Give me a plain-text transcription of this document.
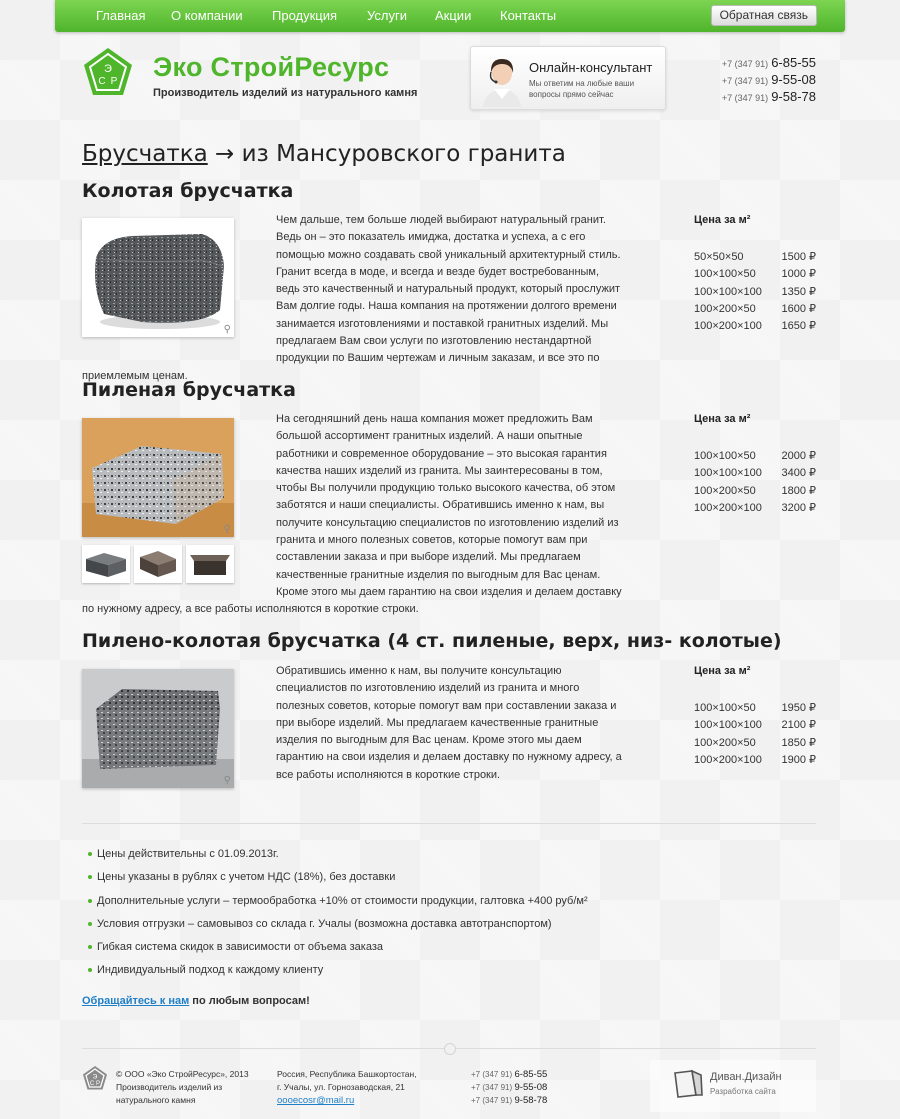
Главная О компании Продукция Услуги Акции Контакты	Обратная связь
Э
С Р Эко СтройРесурс
Производитель изделий из натурального камня
Онлайн-консультант
Мы ответим на любые ваши вопросы прямо сейчас
+7 (347 91) 6-85-55
+7 (347 91) 9-55-08
+7 (347 91) 9-58-78
Брусчатка → из Мансуровского гранита
Колотая брусчатка
⚲
Чем дальше, тем больше людей выбирают натуральный гранит. Ведь он – это показатель имиджа, достатка и успеха, а с его помощью можно создавать свой уникальный архитектурный стиль. Гранит всегда в моде, и всегда и везде будет востребованным, ведь это качественный и натуральный продукт, который прослужит Вам долгие годы. Наша компания на протяжении долгого времени занимается изготовлениями и поставкой гранитных изделий. Мы предлагаем Вам свои услуги по изготовлению нестандартной продукции по Вашим чертежам и личным заказам, и все это по приемлемым ценам.
Цена за м²
50×50×50	1500 ₽
100×100×50 1000 ₽
100×100×100 1350 ₽
100×200×50 1600 ₽
100×200×100 1650 ₽
Пиленая брусчатка
⚲
На сегодняшний день наша компания может предложить Вам большой ассортимент гранитных изделий. А наши опытные работники и современное оборудование – это высокая гарантия качества наших изделий из гранита. Мы заинтересованы в том, чтобы Вы получили продукцию только высокого качества, об этом заботятся и наши специалисты. Обратившись именно к нам, вы получите консультацию специалистов по изготовлению изделий из гранита и много полезных советов, которые помогут вам при составлении заказа и при выборе изделий. Мы предлагаем качественные гранитные изделия по выгодным для Вас ценам. Кроме этого мы даем гарантию на свои изделия и делаем доставку по нужному адресу, а все работы исполняются в короткие строки.
Цена за м²
100×100×50 2000 ₽
100×100×100 3400 ₽
100×200×50 1800 ₽
100×200×100 3200 ₽
Пилено-колотая брусчатка (4 ст. пиленые, верх, низ- колотые)
⚲
Обратившись именно к нам, вы получите консультацию специалистов по изготовлению изделий из гранита и много полезных советов, которые помогут вам при составлении заказа и при выборе изделий. Мы предлагаем качественные гранитные изделия по выгодным для Вас ценам. Кроме этого мы даем гарантию на свои изделия и делаем доставку по нужному адресу, а все работы исполняются в короткие строки.
Цена за м²
100×100×50 1950 ₽
100×100×100 2100 ₽
100×200×50 1850 ₽
100×200×100 1900 ₽
Цены действительны с 01.09.2013г.
Цены указаны в рублях с учетом НДС (18%), без доставки
Дополнительные услуги – термообработка +10% от стоимости продукции, галтовка +400 руб/м²
Условия отгрузки – самовывоз со склада г. Учалы (возможна доставка автотранспортом)
Гибкая система скидок в зависимости от объема заказа
Индивидуальный подход к каждому клиенту
Обращайтесь к нам по любым вопросам!
Э
С Р
© ООО «Эко СтройРесурс», 2013
Производитель изделий из
натурального камня
Россия, Республика Башкортостан,
г. Учалы, ул. Горнозаводская, 21
oooecosr@mail.ru
+7 (347 91) 6-85-55
+7 (347 91) 9-55-08
+7 (347 91) 9-58-78
Диван.Дизайн
Разработка сайта
